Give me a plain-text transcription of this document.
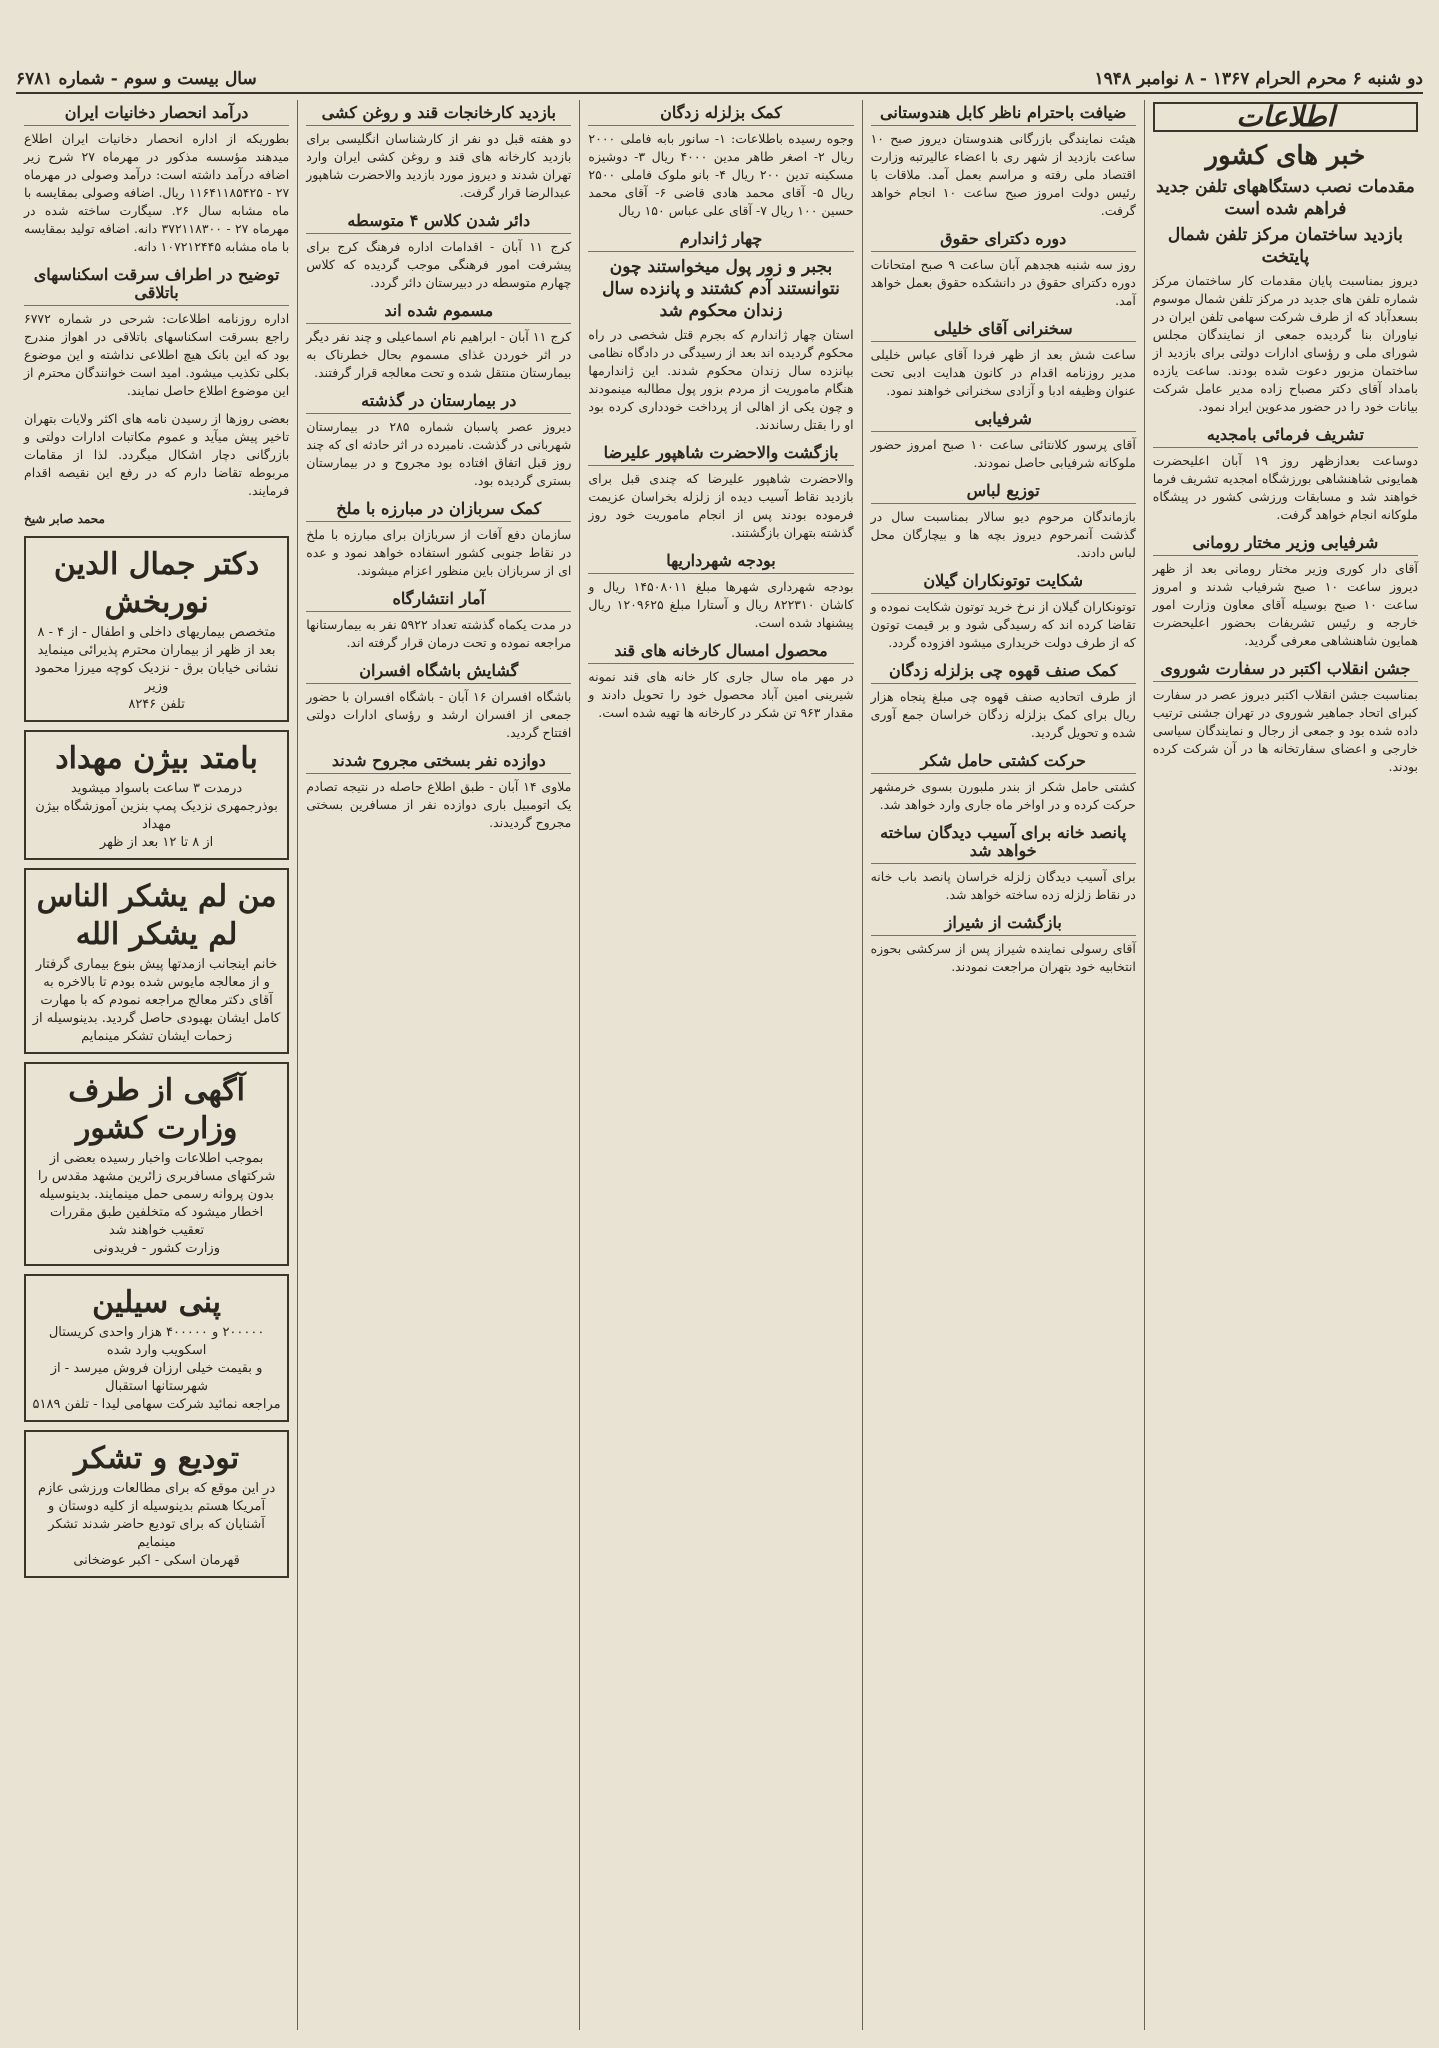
دو شنبه ۶ محرم الحرام ۱۳۶۷ - ۸ نوامبر ۱۹۴۸
سال بیست و سوم - شماره ۶۷۸۱
اطلاعات
خبر های کشور
مقدمات نصب دستگاههای تلفن جدید فراهم شده است
بازدید ساختمان مرکز تلفن شمال پایتخت

دیروز بمناسبت پایان مقدمات کار ساختمان مرکز شماره تلفن های جدید در مرکز تلفن شمال موسوم بسعدآباد که از طرف شرکت سهامی تلفن ایران در نیاوران بنا گردیده جمعی از نمایندگان مجلس شورای ملی و رؤسای ادارات دولتی برای بازدید از ساختمان مزبور دعوت شده بودند. ساعت یازده بامداد آقای دکتر مصباح زاده مدیر عامل شرکت بیانات خود را در حضور مدعوین ایراد نمود.

تشریف فرمائی بامجدیه

دوساعت بعدازظهر روز ۱۹ آبان اعلیحضرت همایونی شاهنشاهی بورزشگاه امجدیه تشریف فرما خواهند شد و مسابقات ورزشی کشور در پیشگاه ملوکانه انجام خواهد گرفت.

شرفیابی وزیر مختار رومانی

آقای دار کوری وزیر مختار رومانی بعد از ظهر دیروز ساعت ۱۰ صبح شرفیاب شدند و امروز ساعت ۱۰ صبح بوسیله آقای معاون وزارت امور خارجه و رئیس تشریفات بحضور اعلیحضرت همایون شاهنشاهی معرفی گردید.

جشن انقلاب اکتبر در سفارت شوروی

بمناسبت جشن انقلاب اکتبر دیروز عصر در سفارت کبرای اتحاد جماهیر شوروی در تهران جشنی ترتیب داده شده بود و جمعی از رجال و نمایندگان سیاسی خارجی و اعضای سفارتخانه ها در آن شرکت کرده بودند.

ضیافت باحترام ناظر کابل هندوستانی

هیئت نمایندگی بازرگانی هندوستان دیروز صبح ۱۰ ساعت بازدید از شهر ری با اعضاء عالیرتبه وزارت اقتصاد ملی رفته و مراسم بعمل آمد. ملاقات با رئیس دولت امروز صبح ساعت ۱۰ انجام خواهد گرفت.

دوره دکترای حقوق

روز سه شنبه هجدهم آبان ساعت ۹ صبح امتحانات دوره دکترای حقوق در دانشکده حقوق بعمل خواهد آمد.

سخنرانی آقای خلیلی

ساعت شش بعد از ظهر فردا آقای عباس خلیلی مدیر روزنامه اقدام در کانون هدایت ادبی تحت عنوان وظیفه ادبا و آزادی سخنرانی خواهند نمود.

شرفیابی

آقای پرسور کلانتائی ساعت ۱۰ صبح امروز حضور ملوکانه شرفیابی حاصل نمودند.

توزیع لباس

بازماندگان مرحوم دیو سالار بمناسبت سال در گذشت آنمرحوم دیروز بچه ها و بیچارگان محل لباس دادند.

شکایت توتونکاران گیلان

توتونکاران گیلان از نرخ خرید توتون شکایت نموده و تقاضا کرده اند که رسیدگی شود و بر قیمت توتون که از طرف دولت خریداری میشود افزوده گردد.

کمک صنف قهوه چی بزلزله زدگان

از طرف اتحادیه صنف قهوه چی مبلغ پنجاه هزار ریال برای کمک بزلزله زدگان خراسان جمع آوری شده و تحویل گردید.

حرکت کشتی حامل شکر

کشتی حامل شکر از بندر ملبورن بسوی خرمشهر حرکت کرده و در اواخر ماه جاری وارد خواهد شد.

پانصد خانه برای آسیب دیدگان ساخته خواهد شد

برای آسیب دیدگان زلزله خراسان پانصد باب خانه در نقاط زلزله زده ساخته خواهد شد.

بازگشت از شیراز

آقای رسولی نماینده شیراز پس از سرکشی بحوزه انتخابیه خود بتهران مراجعت نمودند.

کمک بزلزله زدگان

وجوه رسیده باطلاعات: ۱- سانور بابه فاملی ۲۰۰۰ ریال ۲- اصغر طاهر مدین ۴۰۰۰ ریال ۳- دوشیزه مسکینه تدین ۲۰۰ ریال ۴- بانو ملوک فاملی ۲۵۰۰ ریال ۵- آقای محمد هادی قاضی ۶- آقای محمد حسین ۱۰۰ ریال ۷- آقای علی عباس ۱۵۰ ریال

چهار ژاندارم
بجبر و زور پول میخواستند چون نتوانستند آدم کشتند و پانزده سال زندان محکوم شد

استان چهار ژاندارم که بجرم قتل شخصی در راه محکوم گردیده اند بعد از رسیدگی در دادگاه نظامی بپانزده سال زندان محکوم شدند. این ژاندارمها هنگام ماموریت از مردم بزور پول مطالبه مینمودند و چون یکی از اهالی از پرداخت خودداری کرده بود او را بقتل رساندند.

بازگشت والاحضرت شاهپور علیرضا

والاحضرت شاهپور علیرضا که چندی قبل برای بازدید نقاط آسیب دیده از زلزله بخراسان عزیمت فرموده بودند پس از انجام ماموریت خود روز گذشته بتهران بازگشتند.

بودجه شهرداریها

بودجه شهرداری شهرها مبلغ ۱۴۵۰۸۰۱۱ ریال و کاشان ۸۲۲۳۱۰ ریال و آستارا مبلغ ۱۲۰۹۶۲۵ ریال پیشنهاد شده است.

محصول امسال کارخانه های قند

در مهر ماه سال جاری کار خانه های قند نمونه شیرینی امین آباد محصول خود را تحویل دادند و مقدار ۹۶۳ تن شکر در کارخانه ها تهیه شده است.

بازدید کارخانجات قند و روغن کشی

دو هفته قبل دو نفر از کارشناسان انگلیسی برای بازدید کارخانه های قند و روغن کشی ایران وارد تهران شدند و دیروز مورد بازدید والاحضرت شاهپور عبدالرضا قرار گرفت.

دائر شدن کلاس ۴ متوسطه

کرج ۱۱ آبان - اقدامات اداره فرهنگ کرج برای پیشرفت امور فرهنگی موجب گردیده که کلاس چهارم متوسطه در دبیرستان دائر گردد.

مسموم شده اند

کرج ۱۱ آبان - ابراهیم نام اسماعیلی و چند نفر دیگر در اثر خوردن غذای مسموم بحال خطرناک به بیمارستان منتقل شده و تحت معالجه قرار گرفتند.

در بیمارستان در گذشته

دیروز عصر پاسبان شماره ۲۸۵ در بیمارستان شهربانی در گذشت. نامبرده در اثر حادثه ای که چند روز قبل اتفاق افتاده بود مجروح و در بیمارستان بستری گردیده بود.

کمک سربازان در مبارزه با ملخ

سازمان دفع آفات از سربازان برای مبارزه با ملخ در نقاط جنوبی کشور استفاده خواهد نمود و عده ای از سربازان باین منظور اعزام میشوند.

آمار انتشارگاه

در مدت یکماه گذشته تعداد ۵۹۲۲ نفر به بیمارستانها مراجعه نموده و تحت درمان قرار گرفته اند.

گشایش باشگاه افسران

باشگاه افسران ۱۶ آبان - باشگاه افسران با حضور جمعی از افسران ارشد و رؤسای ادارات دولتی افتتاح گردید.

دوازده نفر بسختی مجروح شدند

ملاوی ۱۴ آبان - طبق اطلاع حاصله در نتیجه تصادم یک اتومبیل باری دوازده نفر از مسافرین بسختی مجروح گردیدند.

درآمد انحصار دخانیات ایران

بطوریکه از اداره انحصار دخانیات ایران اطلاع میدهند مؤسسه مذکور در مهرماه ۲۷ شرح زیر اضافه درآمد داشته است: درآمد وصولی در مهرماه ۲۷ - ۱۱۶۴۱۱۸۵۴۲۵ ریال. اضافه وصولی بمقایسه با ماه مشابه سال ۲۶. سیگارت ساخته شده در مهرماه ۲۷ - ۳۷۲۱۱۸۳۰۰ دانه. اضافه تولید بمقایسه با ماه مشابه ۱۰۷۲۱۲۴۴۵ دانه.

توضیح در اطراف سرقت اسکناسهای باتلاقی

اداره روزنامه اطلاعات: شرحی در شماره ۶۷۷۲ راجع بسرقت اسکناسهای باتلاقی در اهواز مندرج بود که این بانک هیچ اطلاعی نداشته و این موضوع بکلی تکذیب میشود. امید است خوانندگان محترم از این موضوع اطلاع حاصل نمایند.

بعضی روزها از رسیدن نامه های اکثر ولایات بتهران تاخیر پیش میآید و عموم مکاتبات ادارات دولتی و بازرگانی دچار اشکال میگردد. لذا از مقامات مربوطه تقاضا دارم که در رفع این نقیصه اقدام فرمایند.

محمد صابر شیخ
دکتر جمال الدین نوربخش
متخصص بیماریهای داخلی و اطفال - از ۴ - ۸ بعد از ظهر از بیماران محترم پذیرائی مینماید
نشانی خیابان برق - نزدیک کوچه میرزا محمود وزیر
تلفن ۸۲۴۶
بامتد بیژن مهداد
درمدت ۳ ساعت باسواد میشوید
بوذرجمهری نزدیک پمپ بنزین آموزشگاه بیژن مهداد
از ۸ تا ۱۲ بعد از ظهر
من لم یشکر الناس لم یشکر الله
خانم اینجانب ازمدتها پیش بنوع بیماری گرفتار و از معالجه مایوس شده بودم تا بالاخره به آقای دکتر معالج مراجعه نمودم که با مهارت کامل ایشان بهبودی حاصل گردید. بدینوسیله از زحمات ایشان تشکر مینمایم
آگهی از طرف وزارت کشور
بموجب اطلاعات واخبار رسیده بعضی از شرکتهای مسافربری زائرین مشهد مقدس را بدون پروانه رسمی حمل مینمایند. بدینوسیله اخطار میشود که متخلفین طبق مقررات تعقیب خواهند شد
وزارت کشور - فریدونی
پنی سیلین
۲۰۰۰۰۰ و ۴۰۰۰۰۰ هزار واحدی کریستال اسکویب وارد شده
و بقیمت خیلی ارزان فروش میرسد - از شهرستانها استقبال
مراجعه نمائید شرکت سهامی لیدا - تلفن ۵۱۸۹
تودیع و تشکر
در این موقع که برای مطالعات ورزشی عازم آمریکا هستم بدینوسیله از کلیه دوستان و آشنایان که برای تودیع حاضر شدند تشکر مینمایم
قهرمان اسکی - اکبر عوضخانی
